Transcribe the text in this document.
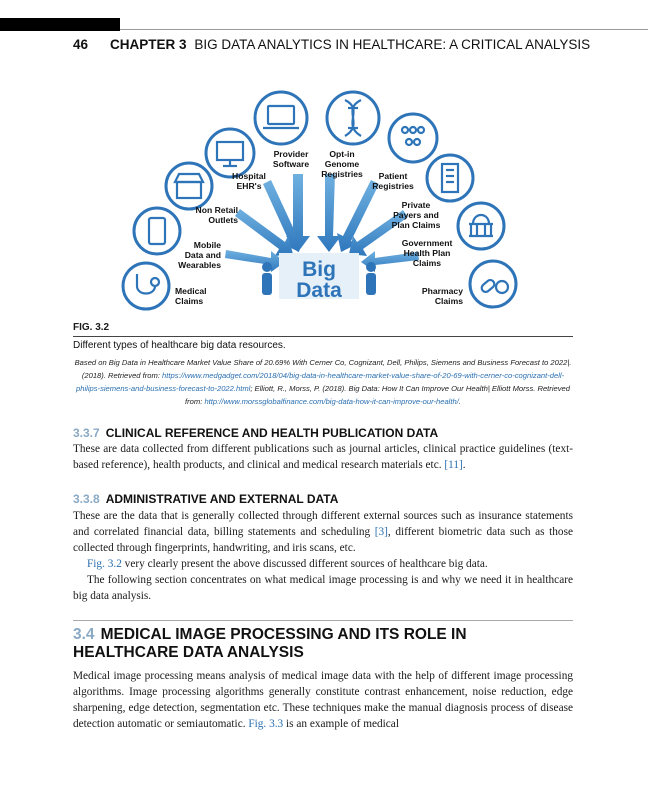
46 CHAPTER 3 BIG DATA ANALYTICS IN HEALTHCARE: A CRITICAL ANALYSIS
Big
Data
Provider
Software
Opt-in
Genome
Registries
Hospital
EHR's
Patient
Registries
Non Retail
Outlets
Private
Payers and
Plan Claims
Mobile
Data and
Wearables
Government
Health Plan
Claims
Medical
Claims
Pharmacy
Claims
FIG. 3.2
Different types of healthcare big data resources.
Based on Big Data in Healthcare Market Value Share of 20.69% With Cerner Co, Cognizant, Dell, Philips, Siemens and Business Forecast to 2022|. (2018). Retrieved from: https://www.medgadget.com/2018/04/big-data-in-healthcare-market-value-share-of-20-69-with-cerner-co-cognizant-dell-philips-siemens-and-business-forecast-to-2022.html; Elliott, R., Morss, P. (2018). Big Data: How It Can Improve Our Health| Elliott Morss. Retrieved from: http://www.morssglobalfinance.com/big-data-how-it-can-improve-our-health/.
3.3.7 CLINICAL REFERENCE AND HEALTH PUBLICATION DATA
These are data collected from different publications such as journal articles, clinical practice guidelines (text-based reference), health products, and clinical and medical research materials etc. [11].
3.3.8 ADMINISTRATIVE AND EXTERNAL DATA
These are the data that is generally collected through different external sources such as insurance statements and correlated financial data, billing statements and scheduling [3], different biometric data such as those collected through fingerprints, handwriting, and iris scans, etc.
Fig. 3.2 very clearly present the above discussed different sources of healthcare big data.
The following section concentrates on what medical image processing is and why we need it in healthcare big data analysis.
3.4 MEDICAL IMAGE PROCESSING AND ITS ROLE IN HEALTHCARE DATA ANALYSIS
Medical image processing means analysis of medical image data with the help of different image processing algorithms. Image processing algorithms generally constitute contrast enhancement, noise reduction, edge sharpening, edge detection, segmentation etc. These techniques make the manual diagnosis process of disease detection automatic or semiautomatic. Fig. 3.3 is an example of medical
